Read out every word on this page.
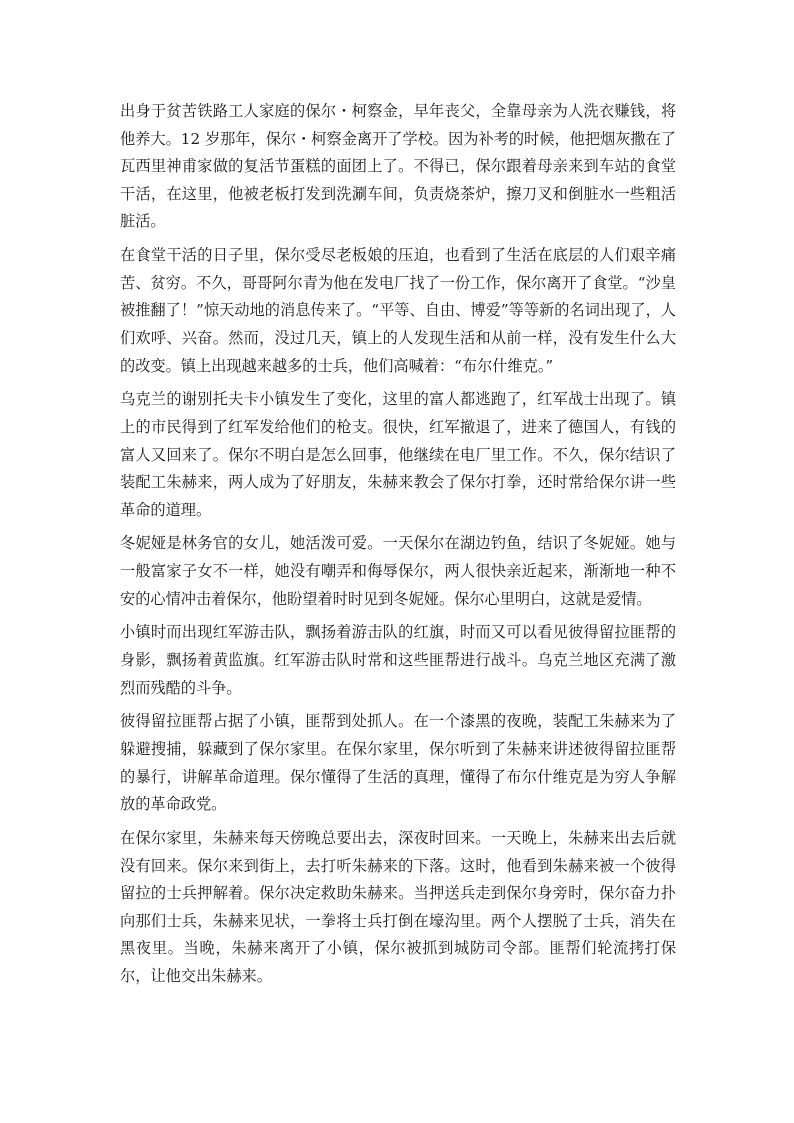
出身于贫苦铁路工人家庭的保尔・柯察金，早年丧父，全靠母亲为人洗衣赚钱，将他养大。12 岁那年，保尔・柯察金离开了学校。因为补考的时候，他把烟灰撒在了瓦西里神甫家做的复活节蛋糕的面团上了。不得已，保尔跟着母亲来到车站的食堂干活，在这里，他被老板打发到洗涮车间，负责烧茶炉，擦刀叉和倒脏水一些粗活脏活。

在食堂干活的日子里，保尔受尽老板娘的压迫，也看到了生活在底层的人们艰辛痛苦、贫穷。不久，哥哥阿尔青为他在发电厂找了一份工作，保尔离开了食堂。“沙皇被推翻了！”惊天动地的消息传来了。“平等、自由、博爱”等等新的名词出现了，人们欢呼、兴奋。然而，没过几天，镇上的人发现生活和从前一样，没有发生什么大的改变。镇上出现越来越多的士兵，他们高喊着：“布尔什维克。”

乌克兰的谢别托夫卡小镇发生了变化，这里的富人都逃跑了，红军战士出现了。镇上的市民得到了红军发给他们的枪支。很快，红军撤退了，进来了德国人，有钱的富人又回来了。保尔不明白是怎么回事，他继续在电厂里工作。不久，保尔结识了装配工朱赫来，两人成为了好朋友，朱赫来教会了保尔打拳，还时常给保尔讲一些革命的道理。

冬妮娅是林务官的女儿，她活泼可爱。一天保尔在湖边钓鱼，结识了冬妮娅。她与一般富家子女不一样，她没有嘲弄和侮辱保尔，两人很快亲近起来，渐渐地一种不安的心情冲击着保尔，他盼望着时时见到冬妮娅。保尔心里明白，这就是爱情。

小镇时而出现红军游击队，飘扬着游击队的红旗，时而又可以看见彼得留拉匪帮的身影，飘扬着黄监旗。红军游击队时常和这些匪帮进行战斗。乌克兰地区充满了激烈而残酷的斗争。

彼得留拉匪帮占据了小镇，匪帮到处抓人。在一个漆黑的夜晚，装配工朱赫来为了躲避搜捕，躲藏到了保尔家里。在保尔家里，保尔听到了朱赫来讲述彼得留拉匪帮的暴行，讲解革命道理。保尔懂得了生活的真理，懂得了布尔什维克是为穷人争解放的革命政党。

在保尔家里，朱赫来每天傍晚总要出去，深夜时回来。一天晚上，朱赫来出去后就没有回来。保尔来到街上，去打听朱赫来的下落。这时，他看到朱赫来被一个彼得留拉的士兵押解着。保尔决定救助朱赫来。当押送兵走到保尔身旁时，保尔奋力扑向那们士兵，朱赫来见状，一拳将士兵打倒在壕沟里。两个人摆脱了士兵，消失在黑夜里。当晚，朱赫来离开了小镇，保尔被抓到城防司令部。匪帮们轮流拷打保尔，让他交出朱赫来。
